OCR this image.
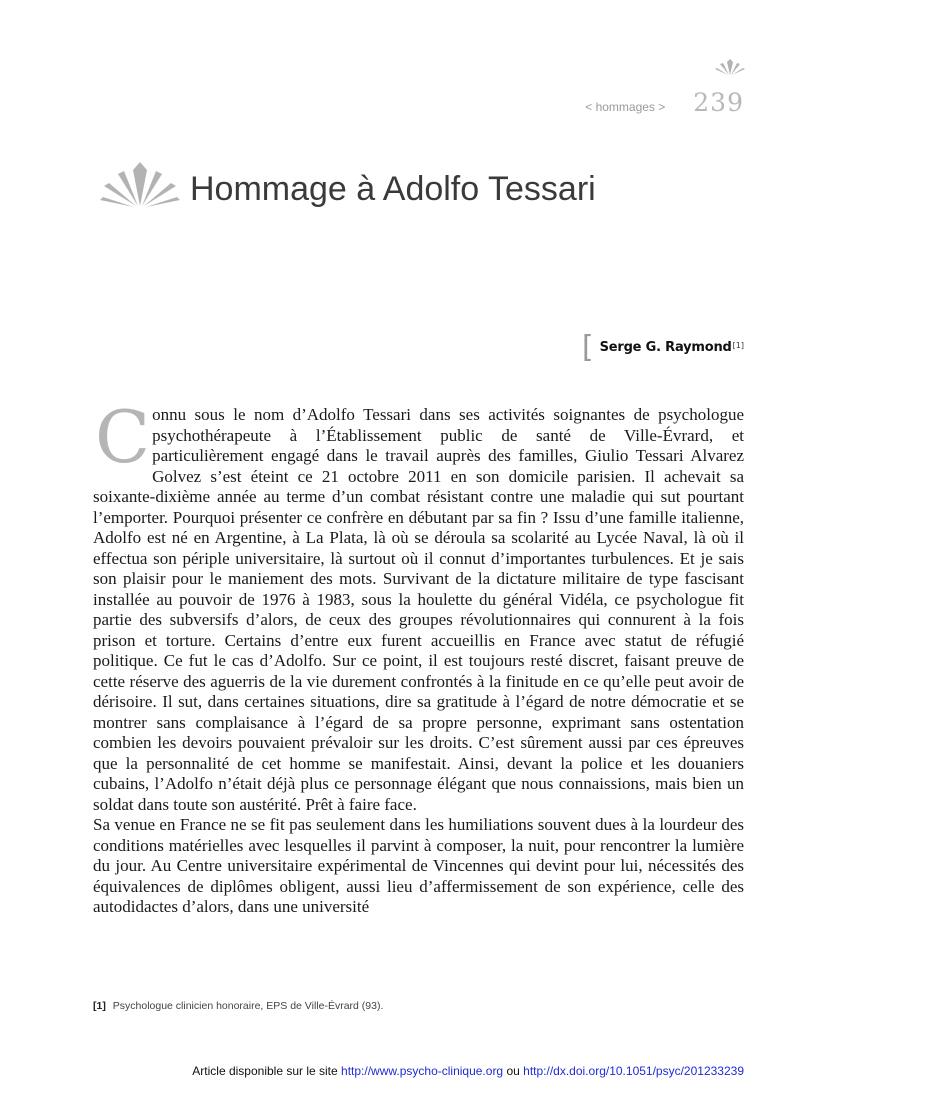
< hommages > 239
Hommage à Adolfo Tessari
[ Serge G. Raymond[1]

Connu sous le nom d’Adolfo Tessari dans ses activités soignantes de psychologue psychothérapeute à l’Établissement public de santé de Ville-Évrard, et particulièrement engagé dans le travail auprès des familles, Giulio Tessari Alvarez Golvez s’est éteint ce 21 octobre 2011 en son domicile parisien. Il achevait sa soixante-dixième année au terme d’un combat résistant contre une maladie qui sut pourtant l’emporter. Pourquoi présenter ce confrère en débutant par sa fin ? Issu d’une famille italienne, Adolfo est né en Argentine, à La Plata, là où se déroula sa scolarité au Lycée Naval, là où il effectua son périple universitaire, là surtout où il connut d’importantes turbulences. Et je sais son plaisir pour le maniement des mots. Survivant de la dictature militaire de type fascisant installée au pouvoir de 1976 à 1983, sous la houlette du général Vidéla, ce psychologue fit partie des subversifs d’alors, de ceux des groupes révolutionnaires qui connurent à la fois prison et torture. Certains d’entre eux furent accueillis en France avec statut de réfugié politique. Ce fut le cas d’Adolfo. Sur ce point, il est toujours resté discret, faisant preuve de cette réserve des aguerris de la vie durement confrontés à la finitude en ce qu’elle peut avoir de dérisoire. Il sut, dans certaines situations, dire sa gratitude à l’égard de notre démocratie et se montrer sans complaisance à l’égard de sa propre personne, exprimant sans ostentation combien les devoirs pouvaient prévaloir sur les droits. C’est sûrement aussi par ces épreuves que la personnalité de cet homme se manifestait. Ainsi, devant la police et les douaniers cubains, l’Adolfo n’était déjà plus ce personnage élégant que nous connaissions, mais bien un soldat dans toute son austérité. Prêt à faire face.

Sa venue en France ne se fit pas seulement dans les humiliations souvent dues à la lourdeur des conditions matérielles avec lesquelles il parvint à composer, la nuit, pour rencontrer la lumière du jour. Au Centre universitaire expérimental de Vincennes qui devint pour lui, nécessités des équivalences de diplômes obligent, aussi lieu d’affermissement de son expérience, celle des autodidactes d’alors, dans une université

[1] Psychologue clinicien honoraire, EPS de Ville-Évrard (93).
Article disponible sur le site http://www.psycho-clinique.org ou http://dx.doi.org/10.1051/psyc/201233239
